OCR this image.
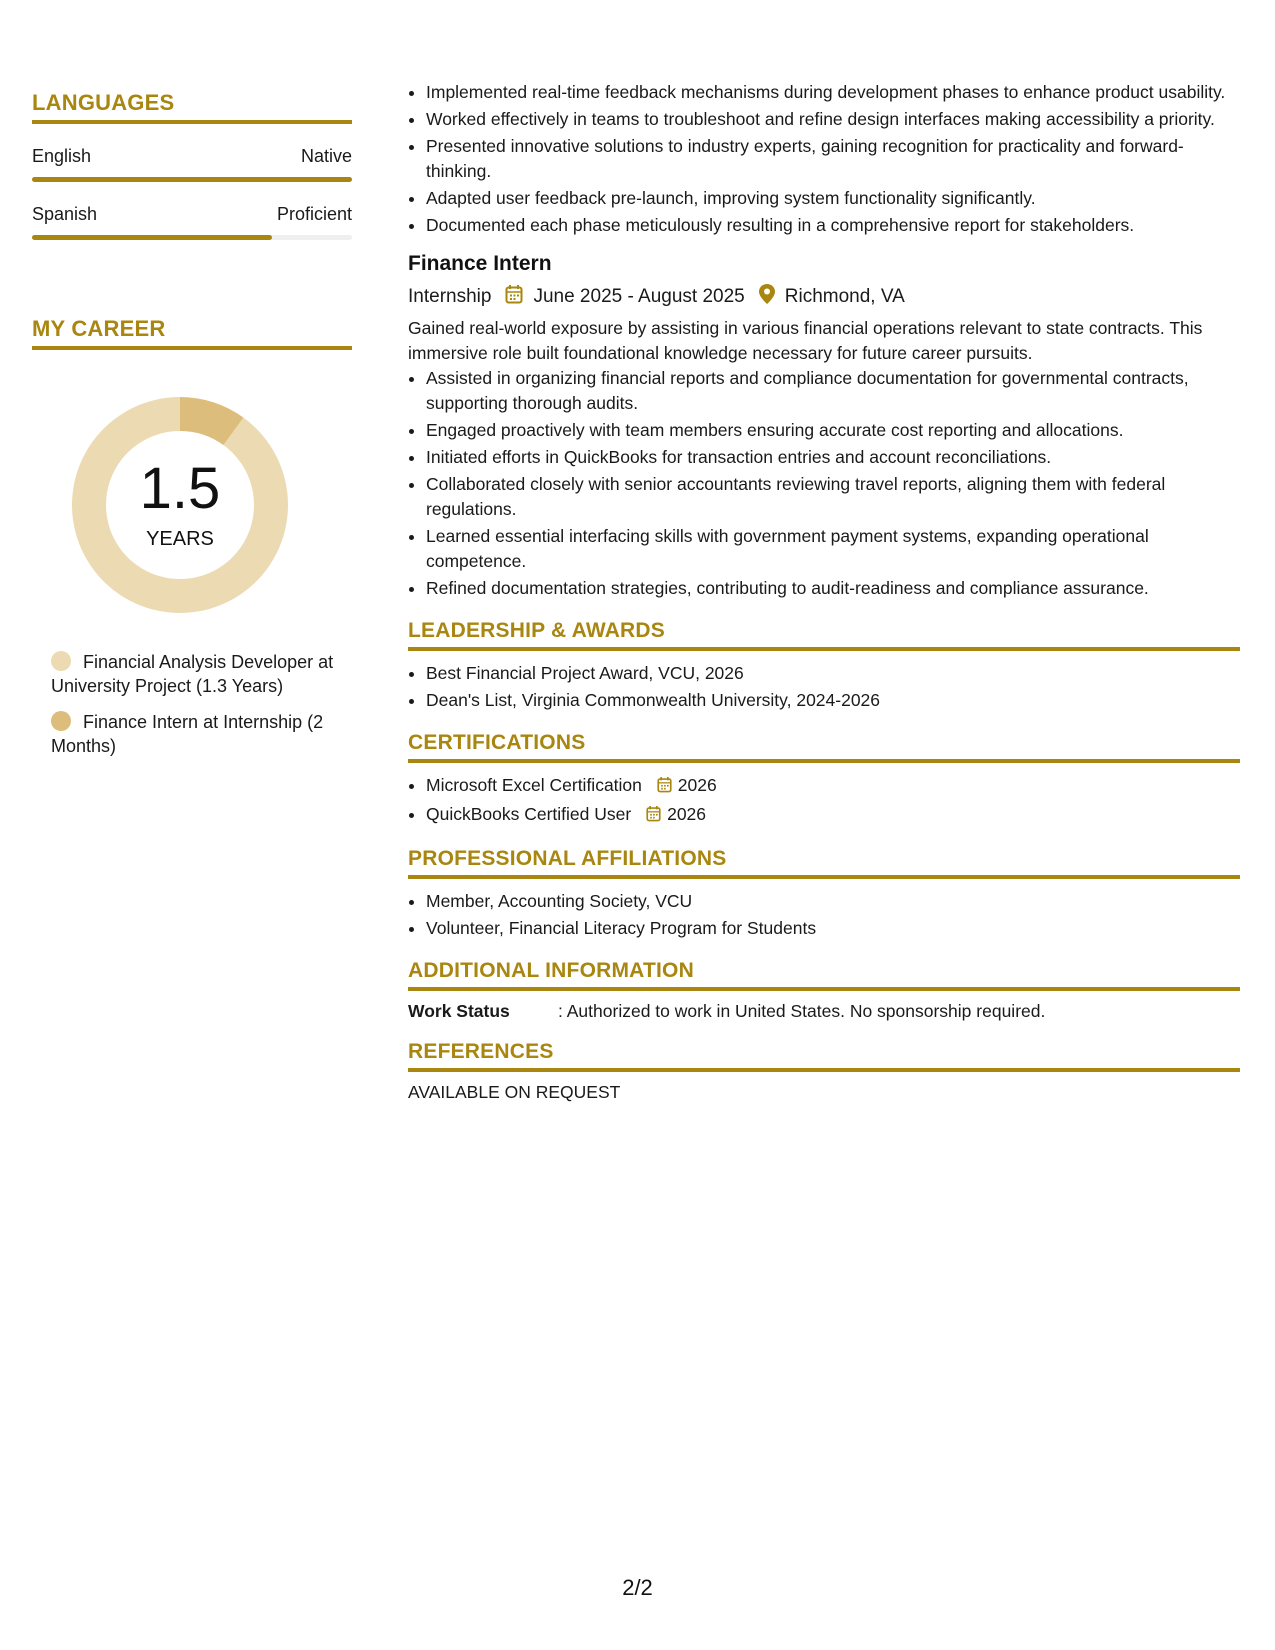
LANGUAGES
English	Native
Spanish	Proficient
MY CAREER
1.5
YEARS
Financial Analysis Developer at University Project (1.3 Years)
Finance Intern at Internship (2 Months)
• Implemented real-time feedback mechanisms during development phases to enhance product usability.
• Worked effectively in teams to troubleshoot and refine design interfaces making accessibility a priority.
• Presented innovative solutions to industry experts, gaining recognition for practicality and forward-thinking.
• Adapted user feedback pre-launch, improving system functionality significantly.
• Documented each phase meticulously resulting in a comprehensive report for stakeholders.
Finance Intern
Internship June 2025 - August 2025 Richmond, VA
Gained real-world exposure by assisting in various financial operations relevant to state contracts. This immersive role built foundational knowledge necessary for future career pursuits.
• Assisted in organizing financial reports and compliance documentation for governmental contracts, supporting thorough audits.
• Engaged proactively with team members ensuring accurate cost reporting and allocations.
• Initiated efforts in QuickBooks for transaction entries and account reconciliations.
• Collaborated closely with senior accountants reviewing travel reports, aligning them with federal regulations.
• Learned essential interfacing skills with government payment systems, expanding operational competence.
• Refined documentation strategies, contributing to audit-readiness and compliance assurance.
LEADERSHIP & AWARDS
• Best Financial Project Award, VCU, 2026
• Dean's List, Virginia Commonwealth University, 2024-2026
CERTIFICATIONS
• Microsoft Excel Certification 2026
• QuickBooks Certified User 2026
PROFESSIONAL AFFILIATIONS
• Member, Accounting Society, VCU
• Volunteer, Financial Literacy Program for Students
ADDITIONAL INFORMATION
Work Status	: Authorized to work in United States. No sponsorship required.
REFERENCES
AVAILABLE ON REQUEST
2/2
